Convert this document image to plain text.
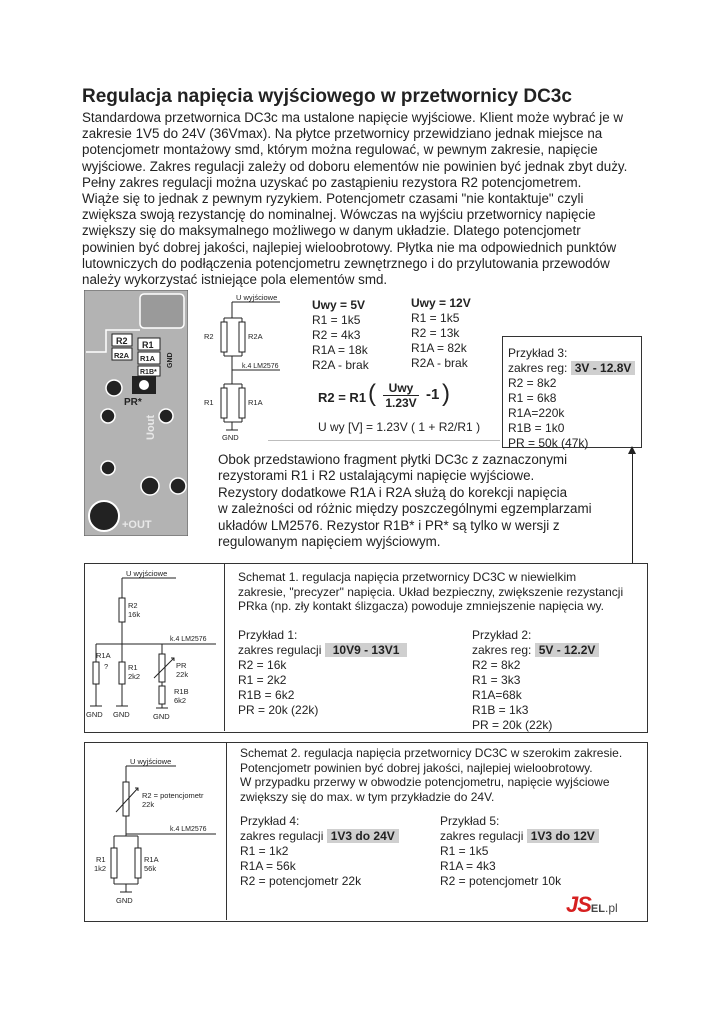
Regulacja napięcia wyjściowego w przetwornicy DC3c
Standardowa przetwornica DC3c ma ustalone napięcie wyjściowe. Klient może wybrać je w
zakresie 1V5 do 24V (36Vmax). Na płytce przetwornicy przewidziano jednak miejsce na
potencjometr montażowy smd, którym można regulować, w pewnym zakresie, napięcie
wyjściowe. Zakres regulacji zależy od doboru elementów nie powinien być jednak zbyt duży.
Pełny zakres regulacji można uzyskać po zastąpieniu rezystora R2 potencjometrem.
Wiąże się to jednak z pewnym ryzykiem. Potencjometr czasami "nie kontaktuje" czyli
zwiększa swoją rezystancję do nominalnej. Wówczas na wyjściu przetwornicy napięcie
zwiększy się do maksymalnego możliwego w danym układzie. Dlatego potencjometr
powinien być dobrej jakości, najlepiej wieloobrotowy. Płytka nie ma odpowiednich punktów
lutowniczych do podłączenia potencjometru zewnętrznego i do przylutowania przewodów
należy wykorzystać istniejące pola elementów smd.
R2 R1
R2A R1A
R1B*
GND
PR*
Uout
+OUT
U wyjściowe
R2	R2A
k.4 LM2576
R1	R1A
GND
Uwy = 5V
R1 = 1k5
R2 = 4k3
R1A = 18k
R2A - brak
Uwy = 12V
R1 = 1k5
R2 = 13k
R1A = 82k
R2A - brak
R2 = R1 (	Uwy
1.23V -1 )
U wy [V] = 1.23V ( 1 + R2/R1 )
Przykład 3:
zakres reg: 3V - 12.8V
R2 = 8k2
R1 = 6k8
R1A=220k
R1B = 1k0
PR = 50k (47k)
Obok przedstawiono fragment płytki DC3c z zaznaczonymi
rezystorami R1 i R2 ustalającymi napięcie wyjściowe.
Rezystory dodatkowe R1A i R2A służą do korekcji napięcia
w zależności od różnic między poszczególnymi egzemplarzami
układów LM2576. Rezystor R1B* i PR* są tylko w wersji z
regulowanym napięciem wyjściowym.
U wyjściowe
R2
16k
k.4 LM2576
R1A
?	R1
2k2
PR
22k
R1B
6k2
GND GND	GND
Schemat 1. regulacja napięcia przetwornicy DC3C w niewielkim
zakresie, "precyzer" napięcia. Układ bezpieczny, zwiększenie rezystancji
PRka (np. zły kontakt ślizgacza) powoduje zmniejszenie napięcia wy.
Przykład 1:
zakres regulacji 10V9 - 13V1
R2 = 16k
R1 = 2k2
R1B = 6k2
PR = 20k (22k)
Przykład 2:
zakres reg: 5V - 12.2V
R2 = 8k2
R1 = 3k3
R1A=68k
R1B = 1k3
PR = 20k (22k)
U wyjściowe
R2 = potencjometr
22k
k.4 LM2576
R1
1k2
R1A
56k
GND
Schemat 2. regulacja napięcia przetwornicy DC3C w szerokim zakresie.
Potencjometr powinien być dobrej jakości, najlepiej wieloobrotowy.
W przypadku przerwy w obwodzie potencjometru, napięcie wyjściowe
zwiększy się do max. w tym przykładzie do 24V.
Przykład 4:
zakres regulacji 1V3 do 24V
R1 = 1k2
R1A = 56k
R2 = potencjometr 22k
Przykład 5:
zakres regulacji 1V3 do 12V
R1 = 1k5
R1A = 4k3
R2 = potencjometr 10k
JSEL.pl
